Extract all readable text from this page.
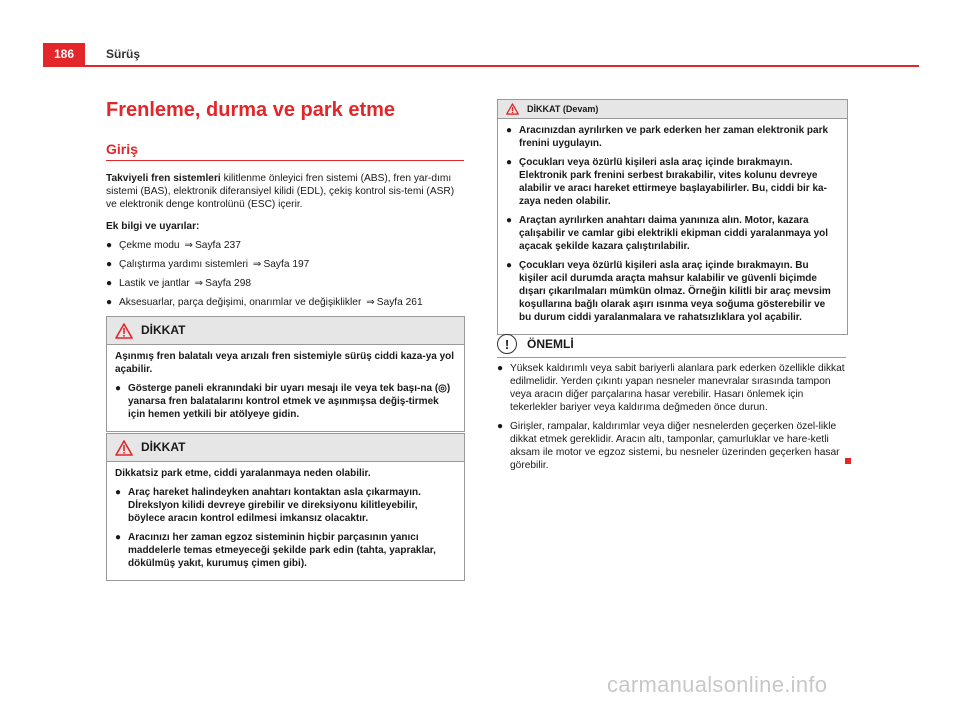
186	Sürüş
Frenleme, durma ve park etme
Giriş

Takviyeli fren sistemleri kilitlenme önleyici fren sistemi (ABS), fren yar-dımı sistemi (BAS), elektronik diferansiyel kilidi (EDL), çekiş kontrol sis-temi (ASR) ve elektronik denge kontrolünü (ESC) içerir.

Ek bilgi ve uyarılar:

● Çekme modu ⇒ Sayfa 237
● Çalıştırma yardımı sistemleri ⇒ Sayfa 197
● Lastik ve jantlar ⇒ Sayfa 298
● Aksesuarlar, parça değişimi, onarımlar ve değişiklikler ⇒ Sayfa 261
DİKKAT

Aşınmış fren balatalı veya arızalı fren sistemiyle sürüş ciddi kaza-ya yol açabilir.

● Gösterge paneli ekranındaki bir uyarı mesajı ile veya tek başı-na (◎) yanarsa fren balatalarını kontrol etmek ve aşınmışsa değiş-tirmek için hemen yetkili bir atölyeye gidin.
DİKKAT

Dikkatsiz park etme, ciddi yaralanmaya neden olabilir.

● Araç hareket halindeyken anahtarı kontaktan asla çıkarmayın. DİreksIyon kilidi devreye girebilir ve direksiyonu kilitleyebilir, böylece aracın kontrol edilmesi imkansız olacaktır.
● Aracınızı her zaman egzoz sisteminin hiçbir parçasının yanıcı maddelerle temas etmeyeceği şekilde park edin (tahta, yapraklar, dökülmüş yakıt, kurumuş çimen gibi).
DİKKAT (Devam)
● Aracınızdan ayrılırken ve park ederken her zaman elektronik park frenini uygulayın.
● Çocukları veya özürlü kişileri asla araç içinde bırakmayın. Elektronik park frenini serbest bırakabilir, vites kolunu devreye alabilir ve aracı hareket ettirmeye başlayabilirler. Bu, ciddi bir ka-zaya neden olabilir.
● Araçtan ayrılırken anahtarı daima yanınıza alın. Motor, kazara çalışabilir ve camlar gibi elektrikli ekipman ciddi yaralanmaya yol açacak şekilde kazara çalıştırılabilir.
● Çocukları veya özürlü kişileri asla araç içinde bırakmayın. Bu kişiler acil durumda araçta mahsur kalabilir ve güvenli biçimde dışarı çıkarılmaları mümkün olmaz. Örneğin kilitli bir araç mevsim koşullarına bağlı olarak aşırı ısınma veya soğuma gösterebilir ve bu durum ciddi yaralanmalara ve rahatsızlıklara yol açabilir.
!	ÖNEMLİ
● Yüksek kaldırımlı veya sabit bariyerli alanlara park ederken özellikle dikkat edilmelidir. Yerden çıkıntı yapan nesneler manevralar sırasında tampon veya aracın diğer parçalarına hasar verebilir. Hasarı önlemek için tekerlekler bariyer veya kaldırıma değmeden önce durun.
● Girişler, rampalar, kaldırımlar veya diğer nesnelerden geçerken özel-likle dikkat etmek gereklidir. Aracın altı, tamponlar, çamurluklar ve hare-ketli aksam ile motor ve egzoz sistemi, bu nesneler üzerinden geçerken hasar görebilir.
carmanualsonline.info
